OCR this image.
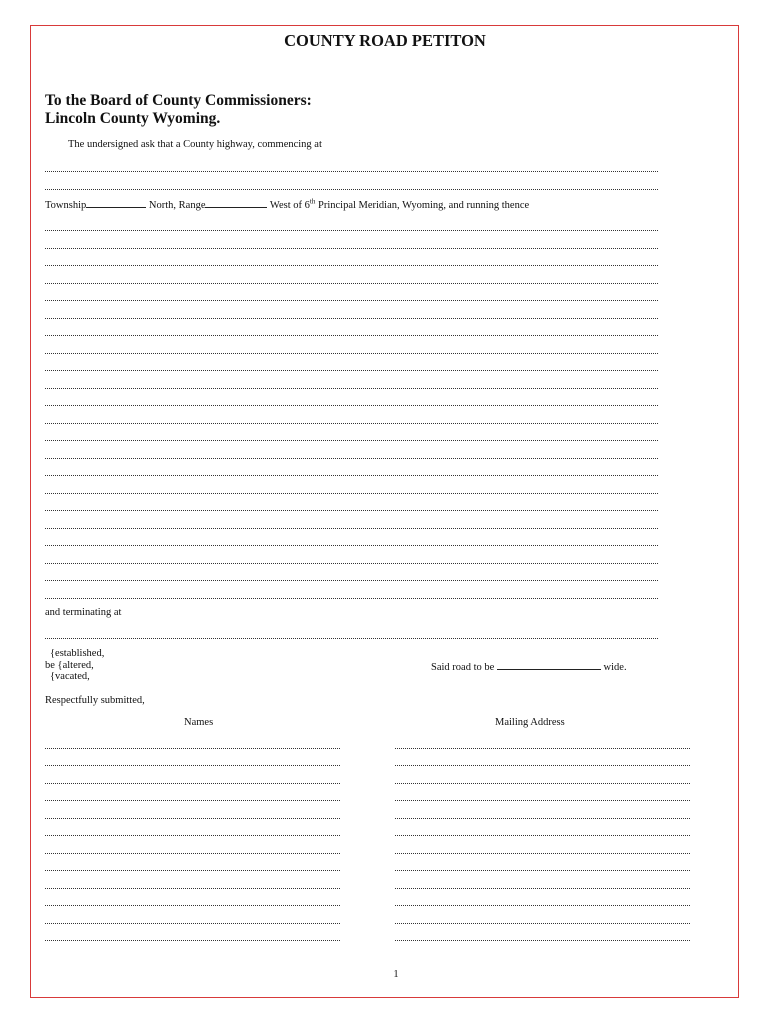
COUNTY ROAD PETITON
To the Board of County Commissioners:
Lincoln County Wyoming.
The undersigned ask that a County highway, commencing at
Township	North, Range	West of 6th Principal Meridian, Wyoming, and running thence
and terminating at
{established,
be {altered,
{vacated,
Said road to be	wide.
Respectfully submitted,
Names	Mailing Address
1
